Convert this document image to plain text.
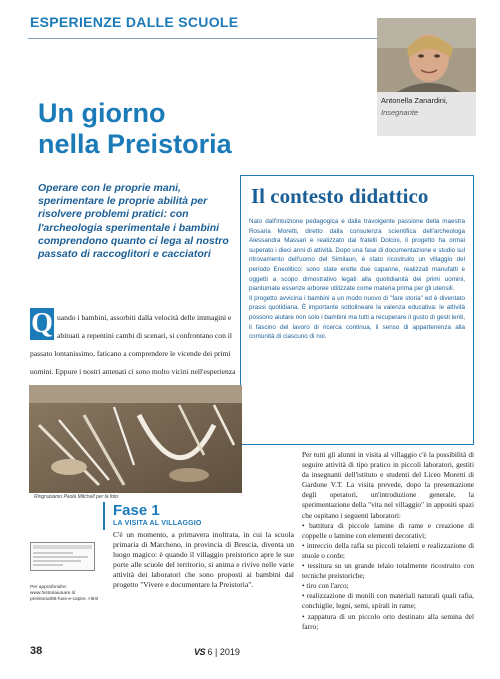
ESPERIENZE DALLE SCUOLE
Antonella Zanardini,
Insegnante
Un giorno
nella Preistoria
Operare con le proprie mani, sperimentare le proprie abilità per risolvere problemi pratici: con l'archeologia sperimentale i bambini comprendono quanto ci lega al nostro passato di raccoglitori e cacciatori
Q uando i bambini, assorbiti dalla velocità delle immagini e abituati a repentini cambi di scenari, si confrontano con il passato lontanissimo, faticano a comprendere le vicende dei primi uomini. Eppure i nostri antenati ci sono molto vicini nell'esperienza
Il contesto didattico

Nato dall'intuizione pedagogica e dalla travolgente passione della maestra Rosaria Moretti, diretto dalla consulenza scientifica dell'archeologa Alessandra Massari e realizzato dai fratelli Dolcini, il progetto ha ormai superato i dieci anni di attività. Dopo una fase di documentazione e studio sul ritrovamento dell'uomo del Similaun, è stato ricostruito un villaggio del periodo Eneolitico: sono state erette due capanne, realizzati manufatti e oggetti a scopo dimostrativo legati alla quotidianità dei primi uomini, piantumate essenze arboree utilizzate come materia prima per gli utensili.

Il progetto avvicina i bambini a un modo nuovo di "fare storia" ed è diventato prassi quotidiana. È importante sottolineare la valenza educativa: le attività possono aiutare non solo i bambini ma tutti a recuperare il gusto di gesti lenti, il fascino del lavoro di ricerca continua, il senso di appartenenza alla comunità di ciascuno di noi.

Ringraziamo Paola Mitchell per la foto
Fase 1
LA VISITA AL VILLAGGIO
C'è un momento, a primavera inoltrata, in cui la scuola primaria di Marcheno, in provincia di Brescia, diventa un luogo magico: è quando il villaggio preistorico apre le sue porte alle scuole del territorio, si anima e rivive nelle varie attività dei laboratori che sono proposti ai bambini dal progetto "Vivere e documentare la Preistoria".
Per approfondire:
www.historiaiunare.it/ preistoria/88-fuss-e-capire. Html

Per tutti gli alunni in visita al villaggio c'è la possibilità di seguire attività di tipo pratico in piccoli laboratori, gestiti da insegnanti dell'istituto e studenti del Liceo Moretti di Gardone V.T. La visita prevede, dopo la presentazione degli operatori, un'introduzione generale, la sperimentazione della "vita nel villaggio" in appositi spazi che ospitano i seguenti laboratori:

• battitura di piccole lamine di rame e creazione di coppelle o lamine con elementi decorativi;

• intreccio della rafia su piccoli telaietti e realizzazione di stuole o corde;

• tessitura su un grande telaio totalmente ricostruito con tecniche preistoriche;

• tiro con l'arco;

• realizzazione di monili con materiali naturali quali rafia, conchiglie, legni, semi, spirali in rame;

• zappatura di un piccolo orto destinato alla semina del farro;

38	VS 6 | 2019
